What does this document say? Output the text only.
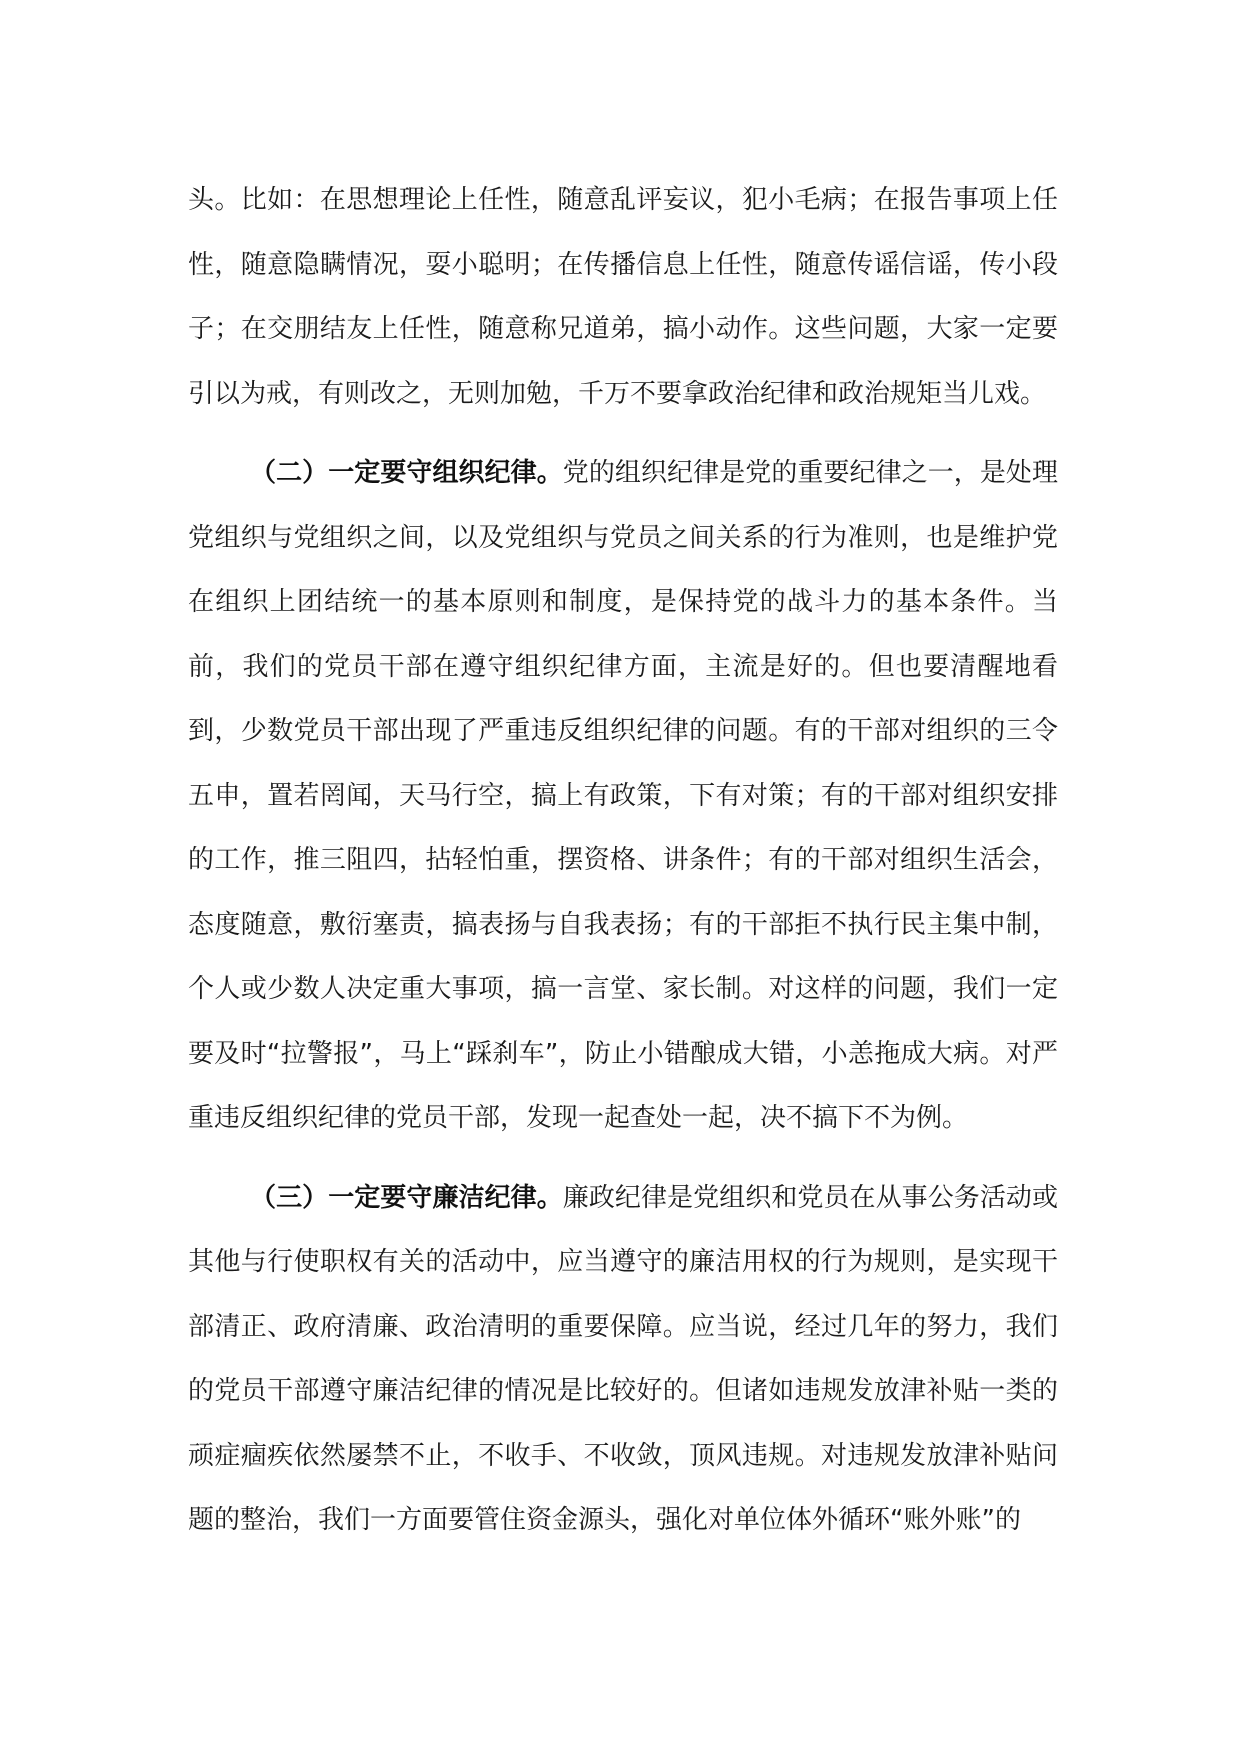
头。比如：在思想理论上任性，随意乱评妄议，犯小毛病；在报告事项上任性，随意隐瞒情况，耍小聪明；在传播信息上任性，随意传谣信谣，传小段子；在交朋结友上任性，随意称兄道弟，搞小动作。这些问题，大家一定要引以为戒，有则改之，无则加勉，千万不要拿政治纪律和政治规矩当儿戏。

（二）一定要守组织纪律。党的组织纪律是党的重要纪律之一，是处理党组织与党组织之间，以及党组织与党员之间关系的行为准则，也是维护党在组织上团结统一的基本原则和制度，是保持党的战斗力的基本条件。当前，我们的党员干部在遵守组织纪律方面，主流是好的。但也要清醒地看到，少数党员干部出现了严重违反组织纪律的问题。有的干部对组织的三令五申，置若罔闻，天马行空，搞上有政策，下有对策；有的干部对组织安排的工作，推三阻四，拈轻怕重，摆资格、讲条件；有的干部对组织生活会，态度随意，敷衍塞责，搞表扬与自我表扬；有的干部拒不执行民主集中制，个人或少数人决定重大事项，搞一言堂、家长制。对这样的问题，我们一定要及时“拉警报”，马上“踩刹车”，防止小错酿成大错，小恙拖成大病。对严重违反组织纪律的党员干部，发现一起查处一起，决不搞下不为例。

（三）一定要守廉洁纪律。廉政纪律是党组织和党员在从事公务活动或其他与行使职权有关的活动中，应当遵守的廉洁用权的行为规则，是实现干部清正、政府清廉、政治清明的重要保障。应当说，经过几年的努力，我们的党员干部遵守廉洁纪律的情况是比较好的。但诸如违规发放津补贴一类的顽症痼疾依然屡禁不止，不收手、不收敛，顶风违规。对违规发放津补贴问题的整治，我们一方面要管住资金源头，强化对单位体外循环“账外账”的
